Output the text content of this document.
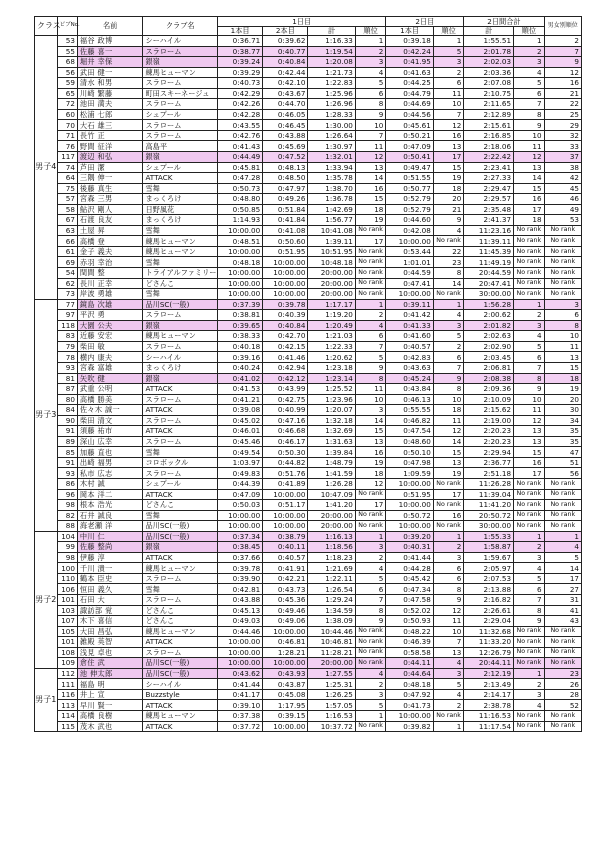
クラス	ビブNo.	名前	クラブ名	1日目				2日目		2日間合計		男女別順位
				1本目	2本目	計	順位	1本目	順位	計	順位	
男子4	53	福谷 政博	シーハイル	0:36.71	0:39.62	1:16.33	1	0:39.18	1	1:55.51	1	2
	55	佐藤 喜一	スラローム	0:38.77	0:40.77	1:19.54	2	0:42.24	5	2:01.78	2	7
	68	堀井 幸保	銀嶺	0:39.24	0:40.84	1:20.08	3	0:41.95	3	2:02.03	3	9
	56	武田 健一	練馬ヒューマン	0:39.29	0:42.44	1:21.73	4	0:41.63	2	2:03.36	4	12
	59	清水 和男	スラローム	0:40.73	0:42.10	1:22.83	5	0:44.25	6	2:07.08	5	16
	65	川崎 繁藤	町田スキーネージュ	0:42.29	0:43.67	1:25.96	6	0:44.79	11	2:10.75	6	21
	72	池田 満夫	スラローム	0:42.26	0:44.70	1:26.96	8	0:44.69	10	2:11.65	7	22
	60	松浦 七郎	シュプール	0:42.28	0:46.05	1:28.33	9	0:44.56	7	2:12.89	8	25
	70	大石 雄三	スラローム	0:43.55	0:46.45	1:30.00	10	0:45.61	12	2:15.61	9	29
	71	長竹 正	スラローム	0:42.76	0:43.88	1:26.64	7	0:50.21	16	2:16.85	10	32
	76	野間 征洋	高島平	0:41.43	0:45.69	1:30.97	11	0:47.09	13	2:18.06	11	33
	117	渡辺 和弘	銀嶺	0:44.49	0:47.52	1:32.01	12	0:50.41	17	2:22.42	12	37
	74	芦田 潔	シュプール	0:45.81	0:48.13	1:33.94	13	0:49.47	15	2:23.41	13	38
	64	三隅 伸一	ATTACK	0:47.28	0:48.50	1:35.78	14	0:51.55	19	2:27.33	14	42
	75	後藤 真生	雪舞	0:50.73	0:47.97	1:38.70	16	0:50.77	18	2:29.47	15	45
	57	宮森 三男	まっくろけ	0:48.80	0:49.26	1:36.78	15	0:52.79	20	2:29.57	16	46
	58	鮎沢 剛人	日野風花	0:50.85	0:51.84	1:42.69	18	0:52.79	21	2:35.48	17	49
	67	石渡 良友	まっくろけ	1:14.93	0:41.84	1:56.77	19	0:44.60	9	2:41.37	18	53
	63	土屋 昇	雪舞	10:00.00	0:41.08	10:41.08	No rank	0:42.08	4	11:23.16	No rank	No rank
	66	高橋 登	練馬ヒューマン	0:48.51	0:50.60	1:39.11	17	10:00.00	No rank	11:39.11	No rank	No rank
	61	金子 義夫	練馬ヒューマン	10:00.00	0:51.95	10:51.95	No rank	0:53.44	22	11:45.39	No rank	No rank
	69	赤羽 幸治	雪舞	0:48.18	10:00.00	10:48.18	No rank	1:01.01	23	11:49.19	No rank	No rank
	54	閏間 整	トライアルファミリー	10:00.00	10:00.00	20:00.00	No rank	0:44.59	8	20:44.59	No rank	No rank
	62	長川 正幸	どさんこ	10:00.00	10:00.00	20:00.00	No rank	0:47.41	14	20:47.41	No rank	No rank
	73	岸波 勇雄	雪舞	10:00.00	10:00.00	20:00.00	No rank	10:00.00	No rank	30:00.00	No rank	No rank
男子3	77	鏡島 次雄	品川SC(一般)	0:37.39	0:39.78	1:17.17	1	0:39.11	1	1:56.28	1	3
	97	平沢 勇	スラローム	0:38.81	0:40.39	1:19.20	2	0:41.42	4	2:00.62	2	6
	118	大園 公夫	銀嶺	0:39.65	0:40.84	1:20.49	4	0:41.33	3	2:01.82	3	8
	83	近藤 安宏	練馬ヒューマン	0:38.33	0:42.70	1:21.03	6	0:41.60	5	2:02.63	4	10
	79	柴田 敏	スラローム	0:40.18	0:42.15	1:22.33	7	0:40.57	2	2:02.90	5	11
	78	横内 康夫	シーハイル	0:39.16	0:41.46	1:20.62	5	0:42.83	6	2:03.45	6	13
	93	宮森 富雄	まっくろけ	0:40.24	0:42.94	1:23.18	9	0:43.63	7	2:06.81	7	15
	81	矢吹 健	銀嶺	0:41.02	0:42.12	1:23.14	8	0:45.24	9	2:08.38	8	18
	87	武重 公明	ATTACK	0:41.53	0:43.99	1:25.52	11	0:43.84	8	2:09.36	9	19
	80	高橋 勝美	スラローム	0:41.21	0:42.75	1:23.96	10	0:46.13	10	2:10.09	10	20
	84	佐々木 誠一	ATTACK	0:39.08	0:40.99	1:20.07	3	0:55.55	18	2:15.62	11	30
	90	柴田 清文	スラローム	0:45.02	0:47.16	1:32.18	14	0:46.82	11	2:19.00	12	34
	91	須藤 祐市	ATTACK	0:46.01	0:46.68	1:32.69	15	0:47.54	12	2:20.23	13	35
	89	深山 広幸	スラローム	0:45.46	0:46.17	1:31.63	13	0:48.60	14	2:20.23	13	35
	85	加藤 直也	雪舞	0:49.54	0:50.30	1:39.84	16	0:50.10	15	2:29.94	15	47
	91	出崎 福男	コロボックル	1:03.97	0:44.82	1:48.79	19	0:47.98	13	2:36.77	16	51
	93	私市 広志	スラローム	0:49.83	0:51.76	1:41.59	18	1:09.59	19	2:51.18	17	56
	86	木村 誠	シュプール	0:44.39	0:41.89	1:26.28	12	10:00.00	No rank	11:26.28	No rank	No rank
	96	岡本 洋二	ATTACK	0:47.09	10:00.00	10:47.09	No rank	0:51.95	17	11:39.04	No rank	No rank
	98	根本 浩光	どさんこ	0:50.03	0:51.17	1:41.20	17	10:00.00	No rank	11:41.20	No rank	No rank
	82	石井 誠良	雪舞	10:00.00	10:00.00	20:00.00	No rank	0:50.72	16	20:50.72	No rank	No rank
	88	海老瀬 洋	品川SC(一般)	10:00.00	10:00.00	20:00.00	No rank	10:00.00	No rank	30:00.00	No rank	No rank
男子2	104	中川 仁	品川SC(一般)	0:37.34	0:38.79	1:16.13	1	0:39.20	1	1:55.33	1	1
	99	佐藤 整尚	銀嶺	0:38.45	0:40.11	1:18.56	3	0:40.31	2	1:58.87	2	4
	98	伊藤 淳	ATTACK	0:37.66	0:40.57	1:18.23	2	0:41.44	3	1:59.67	3	5
	100	千川 潰一	練馬ヒューマン	0:39.78	0:41.91	1:21.69	4	0:44.28	6	2:05.97	4	14
	110	鶴本 臣史	スラローム	0:39.90	0:42.21	1:22.11	5	0:45.42	6	2:07.53	5	17
	106	恒田 義久	雪舞	0:42.81	0:43.73	1:26.54	6	0:47.34	8	2:13.88	6	27
	101	石田 大	スラローム	0:43.88	0:45.36	1:29.24	7	0:47.58	9	2:16.82	7	31
	103	諏訪部 覚	どさんこ	0:45.13	0:49.46	1:34.59	8	0:52.02	12	2:26.61	8	41
	107	木下 喜信	どさんこ	0:49.03	0:49.06	1:38.09	9	0:50.93	11	2:29.04	9	43
	105	大田 昌弘	練馬ヒューマン	0:44.46	10:00.00	10:44.46	No rank	0:48.22	10	11:32.68	No rank	No rank
	101	雑殿 英智	ATTACK	10:00.00	0:46.81	10:46.81	No rank	0:46.39	7	11:33.20	No rank	No rank
	108	浅見 卓也	スラローム	10:00.00	1:28.21	11:28.21	No rank	0:58.58	13	12:26.79	No rank	No rank
	109	倉住 武	品川SC(一般)	10:00.00	10:00.00	20:00.00	No rank	0:44.11	4	20:44.11	No rank	No rank
男子1	112	池 伸太郎	品川SC(一般)	0:43.62	0:43.93	1:27.55	4	0:44.64	3	2:12.19	1	23
	111	福島 明	シーハイル	0:41.44	0:43.87	1:25.31	2	0:48.18	5	2:13.49	2	26
	116	井上 宣	Buzzstyle	0:41.17	0:45.08	1:26.25	3	0:47.92	4	2:14.17	3	28
	113	早川 賢一	ATTACK	0:39.10	1:17.95	1:57.05	5	0:41.73	2	2:38.78	4	52
	114	高橋 良樹	練馬ヒューマン	0:37.38	0:39.15	1:16.53	1	10:00.00	No rank	11:16.53	No rank	No rank
	115	茂木 武也	ATTACK	0:37.72	10:00.00	10:37.72	No rank	0:39.82	1	11:17.54	No rank	No rank
